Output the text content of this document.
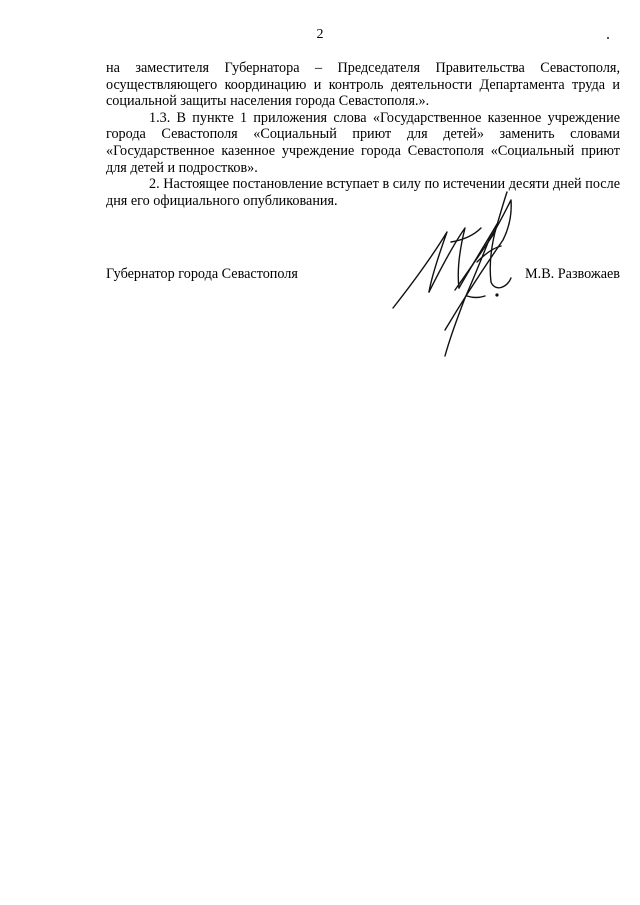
2

на заместителя Губернатора – Председателя Правительства Севастополя, осуществляющего координацию и контроль деятельности Департамента труда и социальной защиты населения города Севастополя.».

1.3. В пункте 1 приложения слова «Государственное казенное учреждение города Севастополя «Социальный приют для детей» заменить словами «Государственное казенное учреждение города Севастополя «Социальный приют для детей и подростков».

2. Настоящее постановление вступает в силу по истечении десяти дней после дня его официального опубликования.

Губернатор города Севастополя	М.В. Развожаев
